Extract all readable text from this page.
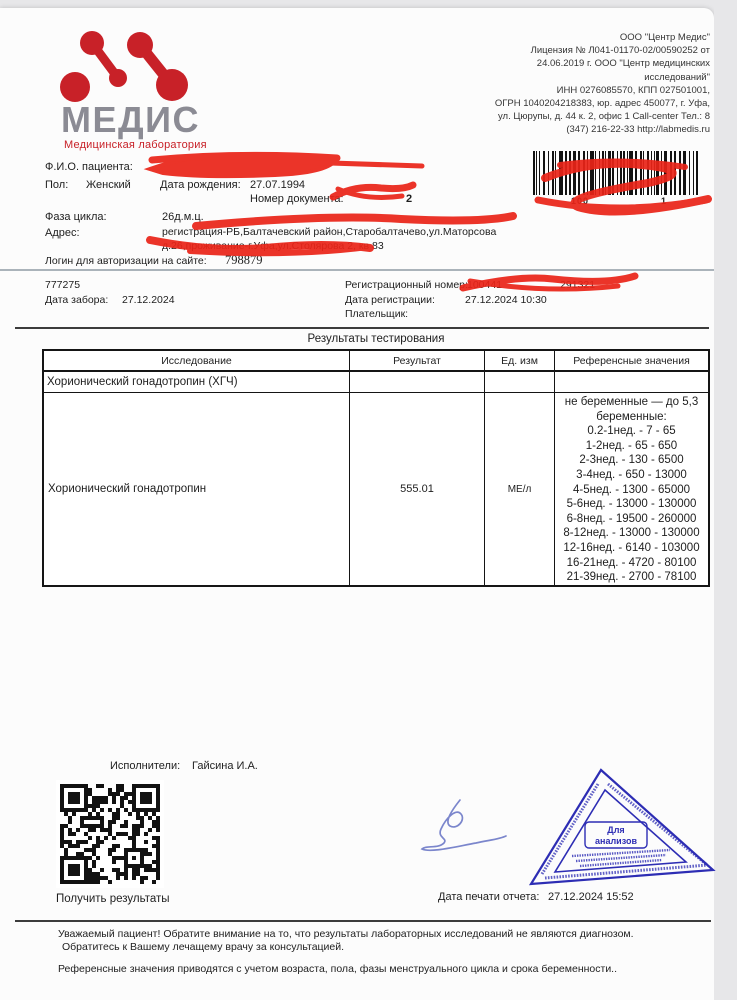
МЕДИС
Медицинская лаборатория
ООО "Центр Медис"
Лицензия № Л041-01170-02/00590252 от
24.06.2019 г. ООО "Центр медицинских
исследований"
ИНН 0276085570, КПП 027501001,
ОГРН 1040204218383, юр. адрес 450077, г. Уфа,
ул. Цюрупы, д. 44 к. 2, офис 1 Call-center Тел.: 8
(347) 216-22-33 http://labmedis.ru
Ф.И.О. пациента:
Пол: Женский	Дата рождения: 27.07.1994
Номер документа:	2
Фаза цикла:	26д.м.ц.
Адрес:	регистрация-РБ,Балтачевский район,Старобалтачево,ул.Маторсова
д.26,проживание-г.Уфа,ул.Столярова 2, кв 83
Логин для авторизации на сайте: 798879
100	1
777275
Дата забора: 27.12.2024
Регистрационный номер: 100441	291321
Дата регистрации:	27.12.2024 10:30
Плательщик:
Результаты тестирования
Исследование	Результат	Ед. изм	Референсные значения
Хорионический гонадотропин (ХГЧ)
Хорионический гонадотропин	555.01	МЕ/л
не беременные — до 5,3
беременные:
0.2-1нед. - 7 - 65
1-2нед. - 65 - 650
2-3нед. - 130 - 6500
3-4нед. - 650 - 13000
4-5нед. - 1300 - 65000
5-6нед. - 13000 - 130000
6-8нед. - 19500 - 260000
8-12нед. - 13000 - 130000
12-16нед. - 6140 - 103000
16-21нед. - 4720 - 80100
21-39нед. - 2700 - 78100
Исполнители: Гайсина И.А.
Получить результаты
Для
анализов
Дата печати отчета: 27.12.2024 15:52
Уважаемый пациент! Обратите внимание на то, что результаты лабораторных исследований не являются диагнозом.
Обратитесь к Вашему лечащему врачу за консультацией.
Референсные значения приводятся с учетом возраста, пола, фазы менструального цикла и срока беременности..
